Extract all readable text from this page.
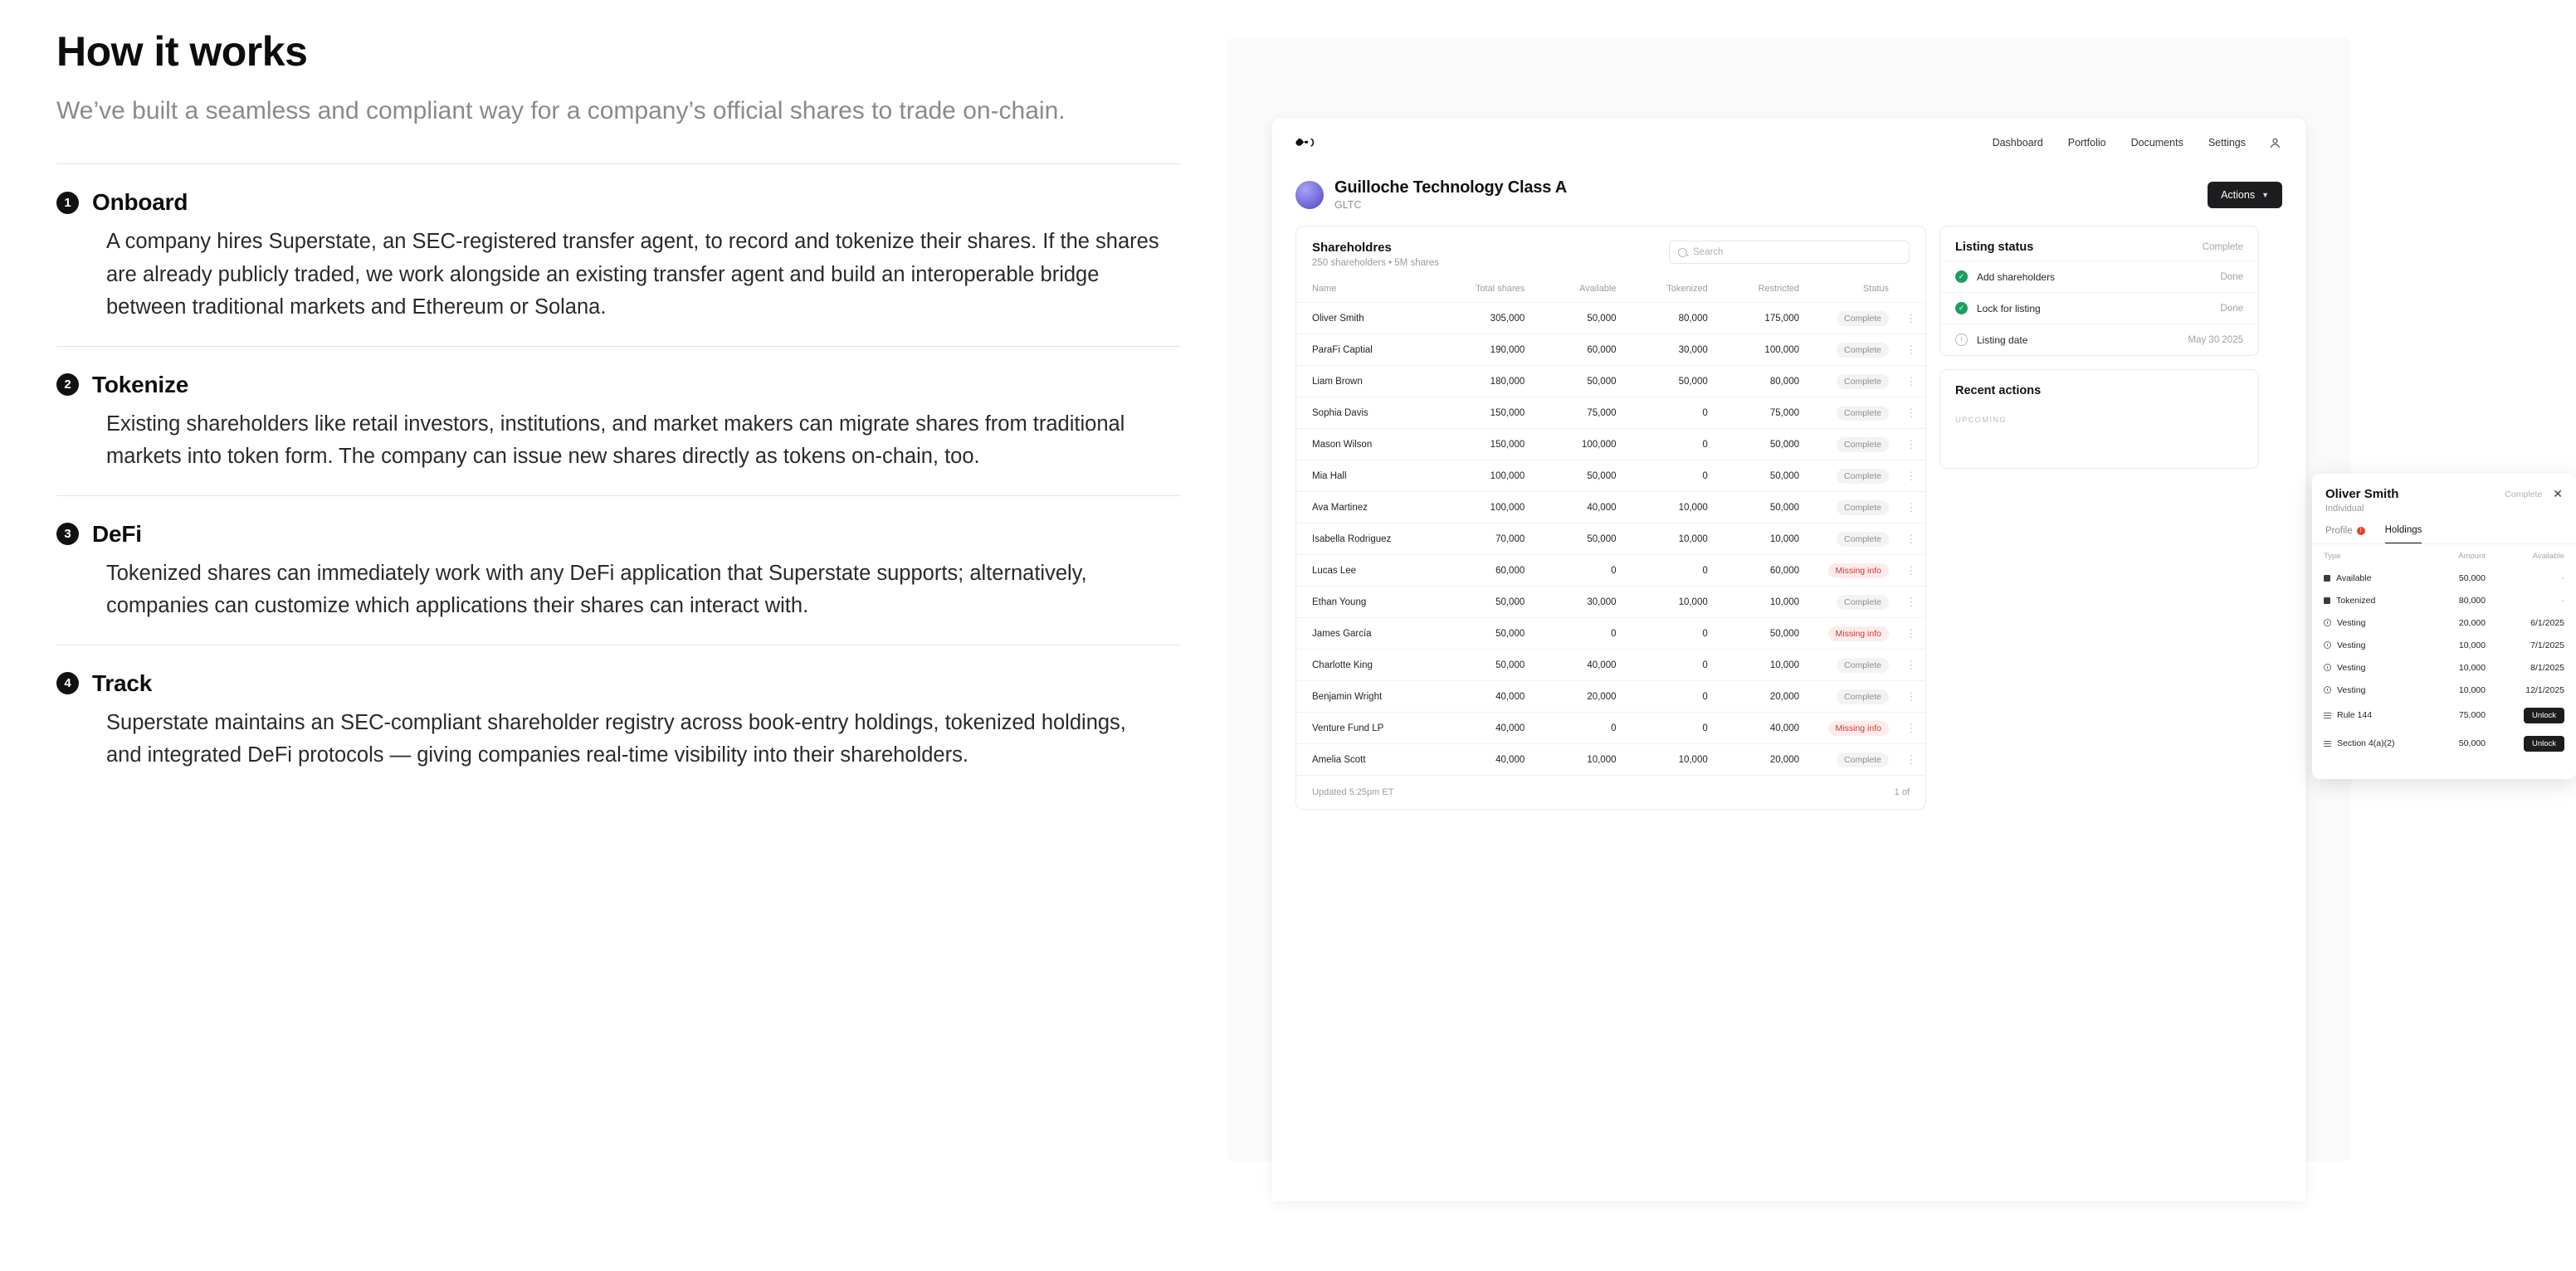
How it works

We’ve built a seamless and compliant way for a company’s official shares to trade on-chain.

1 Onboard
A company hires Superstate, an SEC-registered transfer agent, to record and tokenize their shares. If the shares are already publicly traded, we work alongside an existing transfer agent and build an interoperable bridge between traditional markets and Ethereum or Solana.
2 Tokenize
Existing shareholders like retail investors, institutions, and market makers can migrate shares from traditional markets into token form. The company can issue new shares directly as tokens on-chain, too.
3 DeFi
Tokenized shares can immediately work with any DeFi application that Superstate supports; alternatively, companies can customize which applications their shares can interact with.
4 Track
Superstate maintains an SEC-compliant shareholder registry across book-entry holdings, tokenized holdings, and integrated DeFi protocols — giving companies real-time visibility into their shareholders.
Dashboard Portfolio Documents Settings
Guilloche Technology Class A
GLTC
Actions ▼
Shareholdres
250 shareholders • 5M shares
Search
Name	Total shares	Available	Tokenized	Restricted	Status	
Oliver Smith	305,000	50,000	80,000	175,000	Complete	⋮
ParaFi Captial	190,000	60,000	30,000	100,000	Complete	⋮
Liam Brown	180,000	50,000	50,000	80,000	Complete	⋮
Sophia Davis	150,000	75,000	0	75,000	Complete	⋮
Mason Wilson	150,000	100,000	0	50,000	Complete	⋮
Mia Hall	100,000	50,000	0	50,000	Complete	⋮
Ava Martinez	100,000	40,000	10,000	50,000	Complete	⋮
Isabella Rodriguez	70,000	50,000	10,000	10,000	Complete	⋮
Lucas Lee	60,000	0	0	60,000	Missing info	⋮
Ethan Young	50,000	30,000	10,000	10,000	Complete	⋮
James García	50,000	0	0	50,000	Missing info	⋮
Charlotte King	50,000	40,000	0	10,000	Complete	⋮
Benjamin Wright	40,000	20,000	0	20,000	Complete	⋮
Venture Fund LP	40,000	0	0	40,000	Missing info	⋮
Amelia Scott	40,000	10,000	10,000	20,000	Complete	⋮
Updated 5:25pm ET	1 of
Listing status	Complete
✓	Add shareholders	Done
✓	Lock for listing	Done
Listing date	May 30 2025
Recent actions
UPCOMING
Oliver Smith
Individual
Complete ✕
Profile	!	Holdings
Type	Amount	Available

Available	50,000	-

Tokenized	80,000	-

Vesting	20,000	6/1/2025

Vesting	10,000	7/1/2025

Vesting	10,000	8/1/2025

Vesting	10,000	12/1/2025

Rule 144	75,000	Unlock

Section 4(a)(2)	50,000	Unlock
